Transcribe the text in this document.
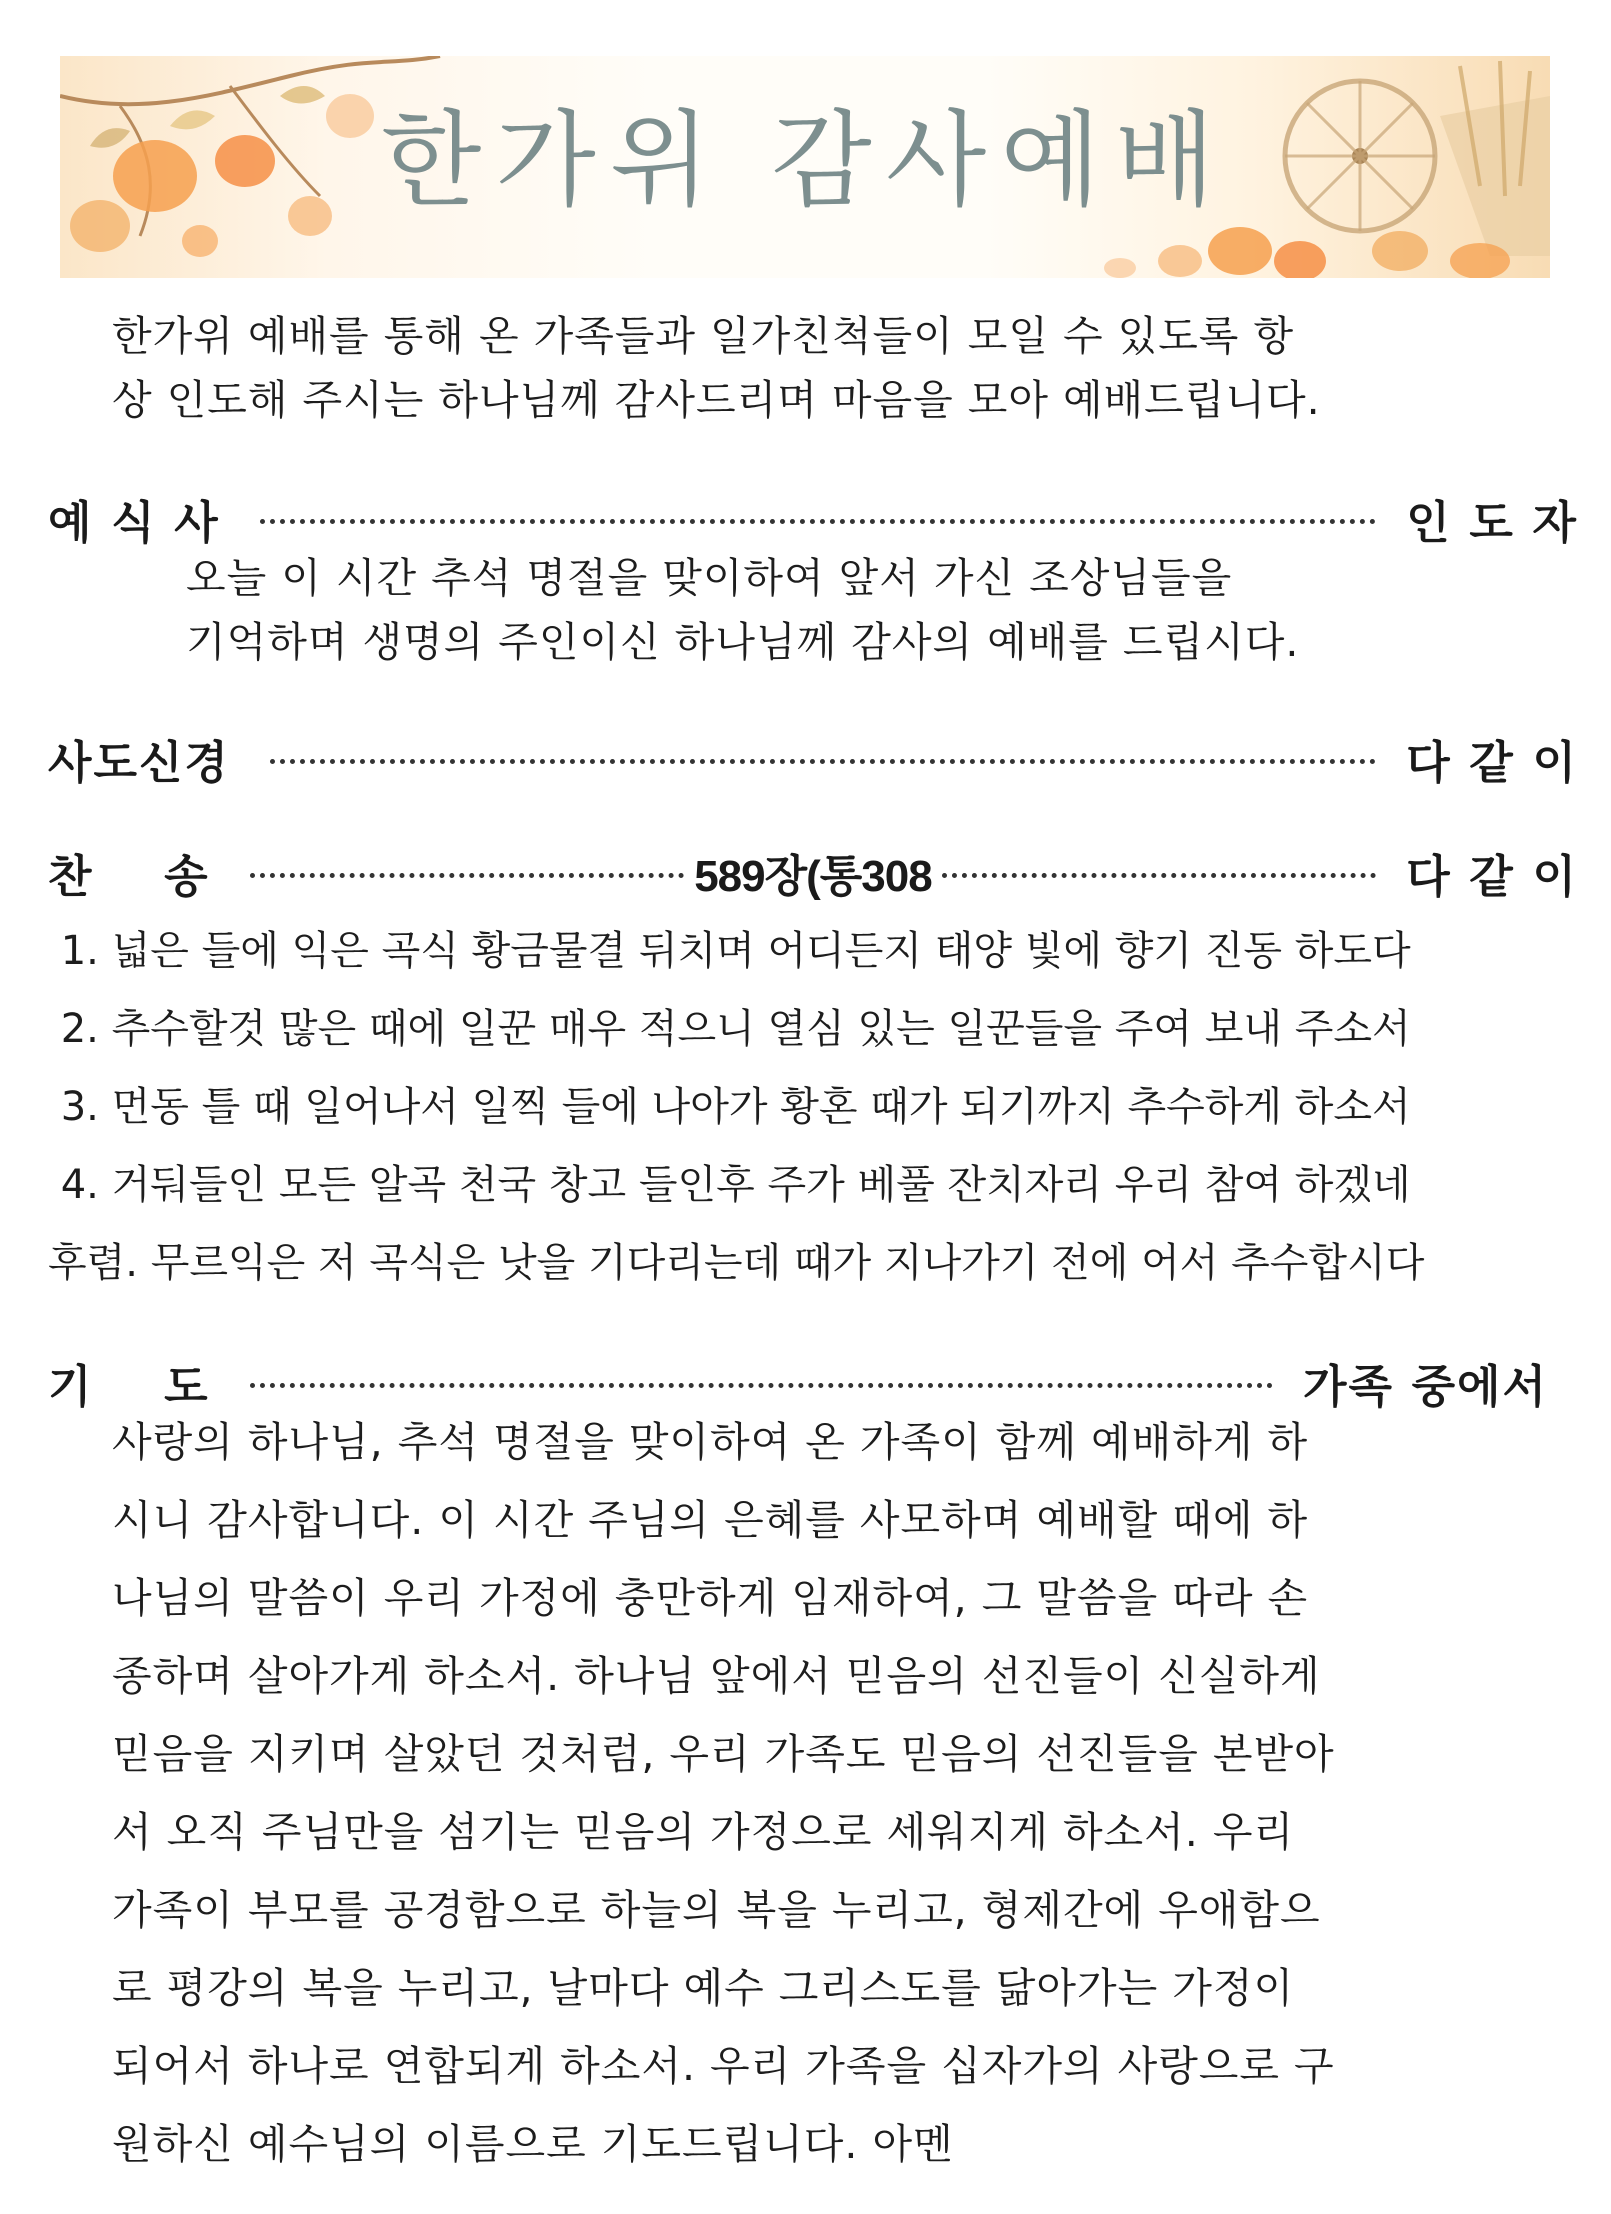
한가위 감사예배
한가위 예배를 통해 온 가족들과 일가친척들이 모일 수 있도록 항
상 인도해 주시는 하나님께 감사드리며 마음을 모아 예배드립니다.
예 식 사	인 도 자
오늘 이 시간 추석 명절을 맞이하여 앞서 가신 조상님들을
기억하며 생명의 주인이신 하나님께 감사의 예배를 드립시다.
사도신경	다 같 이
찬    송	589장(통308	다 같 이
1. 넓은 들에 익은 곡식 황금물결 뒤치며 어디든지 태양 빛에 향기 진동 하도다
2. 추수할것 많은 때에 일꾼 매우 적으니 열심 있는 일꾼들을 주여 보내 주소서
3. 먼동 틀 때 일어나서 일찍 들에 나아가 황혼 때가 되기까지 추수하게 하소서
4. 거둬들인 모든 알곡 천국 창고 들인후 주가 베풀 잔치자리 우리 참여 하겠네
후렴. 무르익은 저 곡식은 낫을 기다리는데 때가 지나가기 전에 어서 추수합시다
기    도	가족 중에서
사랑의 하나님, 추석 명절을 맞이하여 온 가족이 함께 예배하게 하
시니 감사합니다. 이 시간 주님의 은혜를 사모하며 예배할 때에 하
나님의 말씀이 우리 가정에 충만하게 임재하여, 그 말씀을 따라 손
종하며 살아가게 하소서. 하나님 앞에서 믿음의 선진들이 신실하게
믿음을 지키며 살았던 것처럼, 우리 가족도 믿음의 선진들을 본받아
서 오직 주님만을 섬기는 믿음의 가정으로 세워지게 하소서. 우리
가족이 부모를 공경함으로 하늘의 복을 누리고, 형제간에 우애함으
로 평강의 복을 누리고, 날마다 예수 그리스도를 닮아가는 가정이
되어서 하나로 연합되게 하소서. 우리 가족을 십자가의 사랑으로 구
원하신 예수님의 이름으로 기도드립니다. 아멘
